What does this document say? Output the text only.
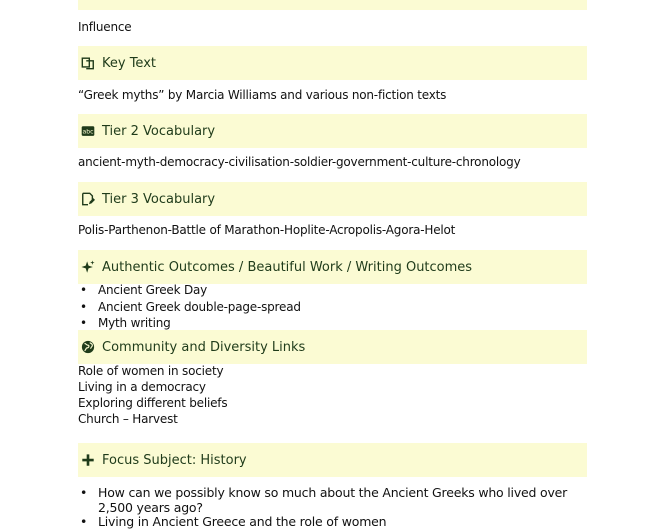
Influence
Key Text
“Greek myths” by Marcia Williams and various non-fiction texts
abc Tier 2 Vocabulary
ancient-myth-democracy-civilisation-soldier-government-culture-chronology
Tier 3 Vocabulary
Polis-Parthenon-Battle of Marathon-Hoplite-Acropolis-Agora-Helot
Authentic Outcomes / Beautiful Work / Writing Outcomes
• Ancient Greek Day
• Ancient Greek double-page-spread
• Myth writing
Community and Diversity Links
Role of women in society
Living in a democracy
Exploring different beliefs
Church – Harvest
Focus Subject: History
• How can we possibly know so much about the Ancient Greeks who lived over 2,500 years ago?
• Living in Ancient Greece and the role of women
